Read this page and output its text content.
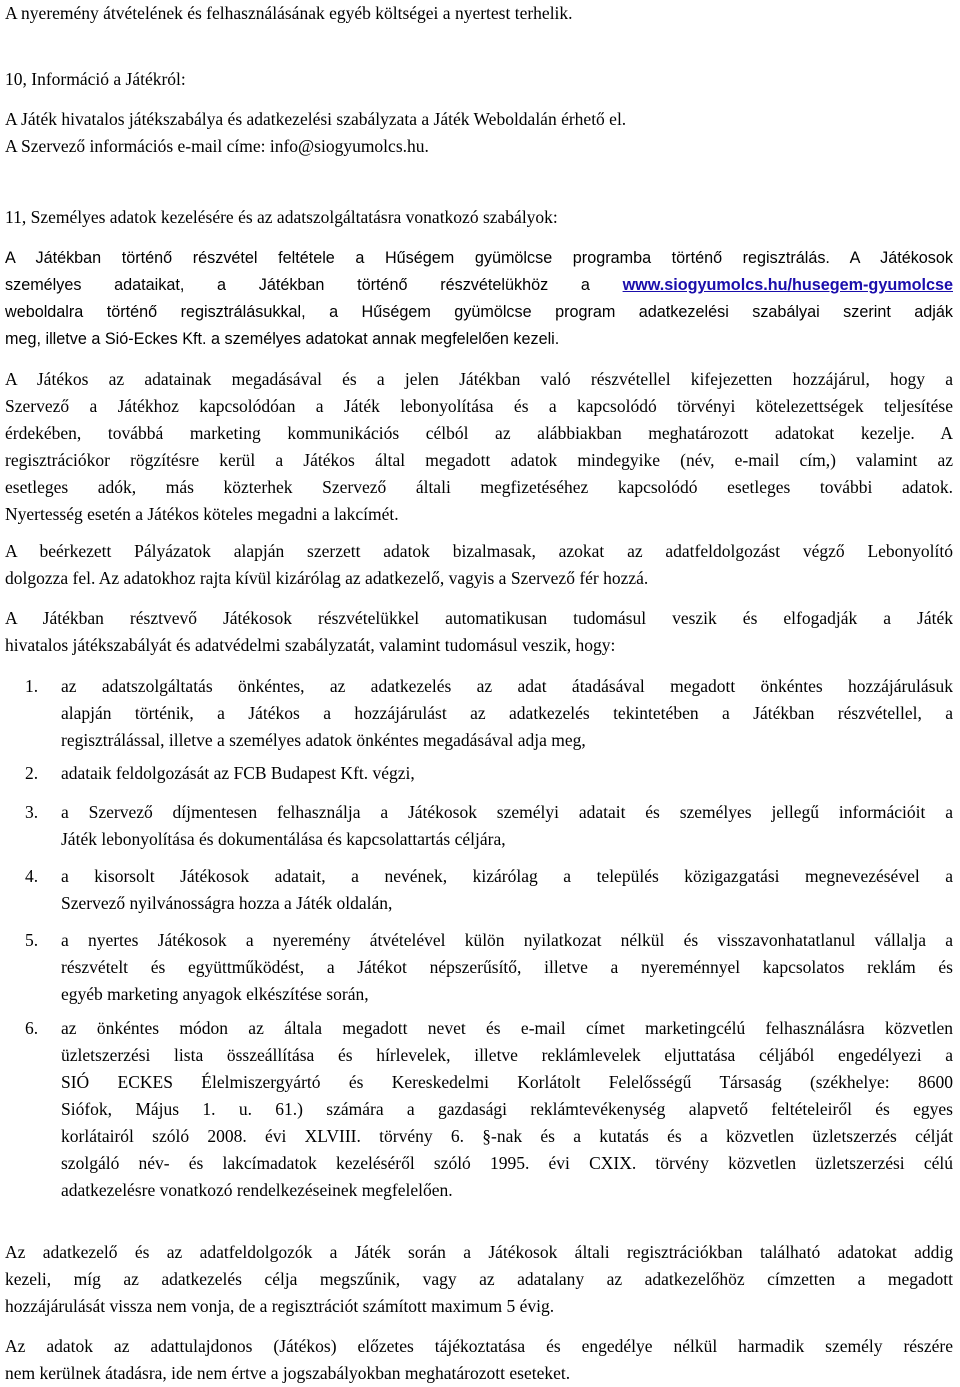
A nyeremény átvételének és felhasználásának egyéb költségei a nyertest terhelik.
10, Információ a Játékról:
A Játék hivatalos játékszabálya és adatkezelési szabályzata a Játék Weboldalán érhető el.
A Szervező információs e-mail címe: info@siogyumolcs.hu.
11, Személyes adatok kezelésére és az adatszolgáltatásra vonatkozó szabályok:
A Játékban történő részvétel feltétele a Hűségem gyümölcse programba történő regisztrálás. A Játékosok
személyes adataikat, a Játékban történő részvételükhöz a www.siogyumolcs.hu/husegem-gyumolcse
weboldalra történő regisztrálásukkal, a Hűségem gyümölcse program adatkezelési szabályai szerint adják
meg, illetve a Sió-Eckes Kft. a személyes adatokat annak megfelelően kezeli.
A Játékos az adatainak megadásával és a jelen Játékban való részvétellel kifejezetten hozzájárul, hogy a
Szervező a Játékhoz kapcsolódóan a Játék lebonyolítása és a kapcsolódó törvényi kötelezettségek teljesítése
érdekében, továbbá marketing kommunikációs célból az alábbiakban meghatározott adatokat kezelje. A
regisztrációkor rögzítésre kerül a Játékos által megadott adatok mindegyike (név, e-mail cím,) valamint az
esetleges adók, más közterhek Szervező általi megfizetéséhez kapcsolódó esetleges további adatok.
Nyertesség esetén a Játékos köteles megadni a lakcímét.
A beérkezett Pályázatok alapján szerzett adatok bizalmasak, azokat az adatfeldolgozást végző Lebonyolító
dolgozza fel. Az adatokhoz rajta kívül kizárólag az adatkezelő, vagyis a Szervező fér hozzá.
A Játékban résztvevő Játékosok részvételükkel automatikusan tudomásul veszik és elfogadják a Játék
hivatalos játékszabályát és adatvédelmi szabályzatát, valamint tudomásul veszik, hogy:
1. az adatszolgáltatás önkéntes, az adatkezelés az adat átadásával megadott önkéntes hozzájárulásuk
alapján történik, a Játékos a hozzájárulást az adatkezelés tekintetében a Játékban részvétellel, a
regisztrálással, illetve a személyes adatok önkéntes megadásával adja meg,
2. adataik feldolgozását az FCB Budapest Kft. végzi,
3. a Szervező díjmentesen felhasználja a Játékosok személyi adatait és személyes jellegű információit a
Játék lebonyolítása és dokumentálása és kapcsolattartás céljára,
4. a kisorsolt Játékosok adatait, a nevének, kizárólag a település közigazgatási megnevezésével a
Szervező nyilvánosságra hozza a Játék oldalán,
5. a nyertes Játékosok a nyeremény átvételével külön nyilatkozat nélkül és visszavonhatatlanul vállalja a
részvételt és együttműködést, a Játékot népszerűsítő, illetve a nyereménnyel kapcsolatos reklám és
egyéb marketing anyagok elkészítése során,
6. az önkéntes módon az általa megadott nevet és e-mail címet marketingcélú felhasználásra közvetlen
üzletszerzési lista összeállítása és hírlevelek, illetve reklámlevelek eljuttatása céljából engedélyezi a
SIÓ ECKES Élelmiszergyártó és Kereskedelmi Korlátolt Felelősségű Társaság (székhelye: 8600
Siófok, Május 1. u. 61.) számára a gazdasági reklámtevékenység alapvető feltételeiről és egyes
korlátairól szóló 2008. évi XLVIII. törvény 6. §-nak és a kutatás és a közvetlen üzletszerzés célját
szolgáló név- és lakcímadatok kezeléséről szóló 1995. évi CXIX. törvény közvetlen üzletszerzési célú
adatkezelésre vonatkozó rendelkezéseinek megfelelően.
Az adatkezelő és az adatfeldolgozók a Játék során a Játékosok általi regisztrációkban található adatokat addig
kezeli, míg az adatkezelés célja megszűnik, vagy az adatalany az adatkezelőhöz címzetten a megadott
hozzájárulását vissza nem vonja, de a regisztrációt számított maximum 5 évig.
Az adatok az adattulajdonos (Játékos) előzetes tájékoztatása és engedélye nélkül harmadik személy részére
nem kerülnek átadásra, ide nem értve a jogszabályokban meghatározott eseteket.
